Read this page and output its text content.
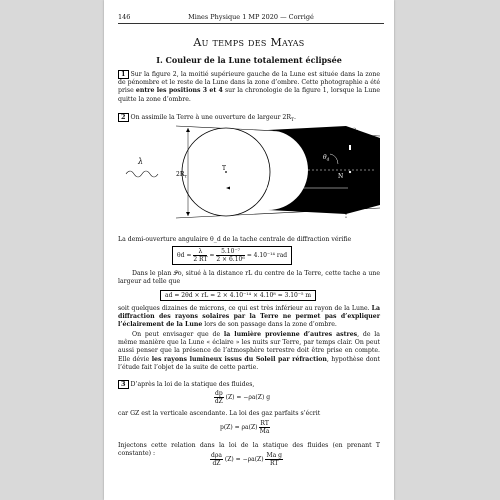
146	Mines Physique 1 MP 2020 — Corrigé
Au temps des Mayas
I. Couleur de la Lune totalement éclipsée
1 Sur la figure 2, la moitié supérieure gauche de la Lune est située dans la zone de pénombre et le reste de la Lune dans la zone d’ombre. Cette photographie a été prise entre les positions 3 et 4 sur la chronologie de la figure 1, lorsque la Lune quitte la zone d’ombre.
2 On assimile la Terre à une ouverture de largeur $2R_T$.
λ
$2R_T$
T
$r_L$
N
$\theta_d$
$a_d$
𝒫$_o$
La demi-ouverture angulaire θ_d de la tache centrale de diffraction vérifie
θd ≃ $\frac{\lambda}{2 RT}$ ≃ $\frac{\text{5.10⁻⁷}}{\text{2 × 6.10⁶}}$ ≃ 4.10⁻¹⁴ rad
Dans le plan 𝒫o, situé à la distance rL du centre de la Terre, cette tache a une largeur ad telle que
ad = 2θd × rL ≃ 2 × 4.10⁻¹⁴ × 4.10⁸ ≃ 3.10⁻⁵ m
soit quelques dizaines de microns, ce qui est très inférieur au rayon de la Lune. La diffraction des rayons solaires par la Terre ne permet pas d’expliquer l’éclairement de la Lune lors de son passage dans la zone d’ombre.
On peut envisager que de la lumière provienne d’autres astres, de la même manière que la Lune « éclaire » les nuits sur Terre, par temps clair. On peut aussi penser que la présence de l’atmosphère terrestre doit être prise en compte. Elle dévie les rayons lumineux issus du Soleil par réfraction, hypothèse dont l’étude fait l’objet de la suite de cette partie.
3 D’après la loi de la statique des fluides,
$\frac{dp}{dZ} (Z) = -\rho a(Z)$ g
car GZ est la verticale ascendante. La loi des gaz parfaits s’écrit
$p(Z) = \rho a(Z) \frac{RT}{Ma}$
Injectons cette relation dans la loi de la statique des fluides (en prenant T constante) :	$\frac{\text{dρa}}{dZ} (Z) = -\rho a(Z) \frac{\text{Ma g}}{RT}$
